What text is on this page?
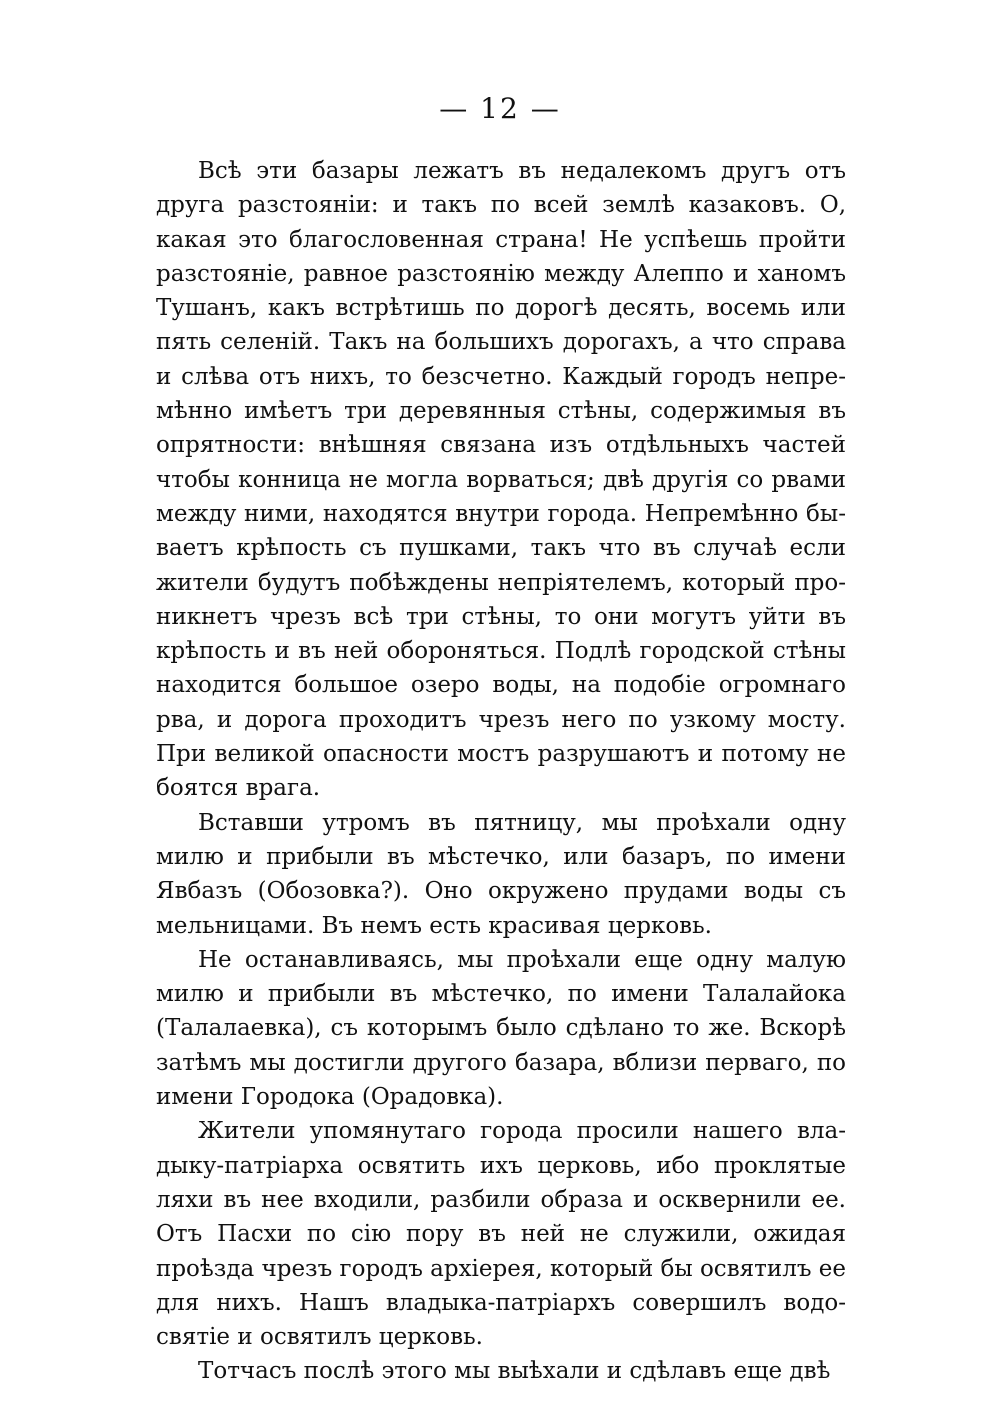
— 12 —

Всѣ эти базары лежатъ въ недалекомъ другъ отъ друга разстояніи: и такъ по всей землѣ казаковъ. О, какая это благословенная страна! Не успѣешь пройти разстояніе, равное разстоянію между Алеппо и ханомъ Тушанъ, какъ встрѣтишь по дорогѣ десять, восемь или пять селеній. Такъ на большихъ дорогахъ, а что справа и слѣва отъ нихъ, то безсчетно. Каждый городъ непремѣнно имѣетъ три деревянныя стѣны, содержимыя въ опрятности: внѣшняя связана изъ отдѣльныхъ частей чтобы конница не могла ворваться; двѣ другія со рвами между ними, находятся внутри города. Непремѣнно бываетъ крѣпость съ пушками, такъ что въ случаѣ если жители будутъ побѣждены непріятелемъ, который проникнетъ чрезъ всѣ три стѣны, то они могутъ уйти въ крѣпость и въ ней обороняться. Подлѣ городской стѣны находится большое озеро воды, на подобіе огромнаго рва, и дорога проходитъ чрезъ него по узкому мосту. При великой опасности мостъ разрушаютъ и потому не боятся врага.

Вставши утромъ въ пятницу, мы проѣхали одну милю и прибыли въ мѣстечко, или базаръ, по имени Явбазъ (Обозовка?). Оно окружено прудами воды съ мельницами. Въ немъ есть красивая церковь.

Не останавливаясь, мы проѣхали еще одну малую милю и прибыли въ мѣстечко, по имени Талалайока (Талалаевка), съ которымъ было сдѣлано то же. Вскорѣ затѣмъ мы достигли другого базара, вблизи перваго, по имени Городока (Орадовка).

Жители упомянутаго города просили нашего владыку-патріарха освятить ихъ церковь, ибо проклятые ляхи въ нее входили, разбили образа и осквернили ее. Отъ Пасхи по сію пору въ ней не служили, ожидая проѣзда чрезъ городъ архіерея, который бы освятилъ ее для нихъ. Нашъ владыка-патріархъ совершилъ водосвятіе и освятилъ церковь.

Тотчасъ послѣ этого мы выѣхали и сдѣлавъ еще двѣ
